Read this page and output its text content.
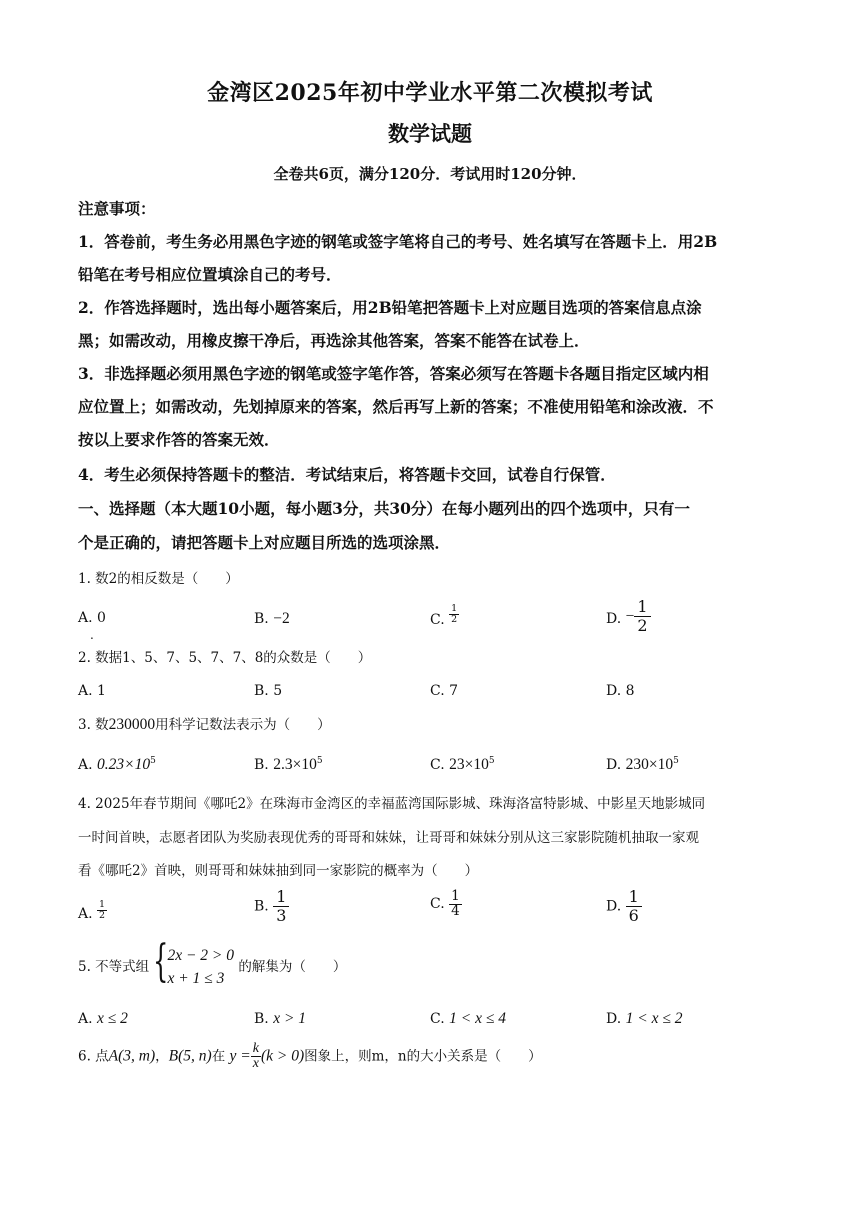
金湾区2025年初中学业水平第二次模拟考试
数学试题
全卷共6页，满分120分．考试用时120分钟．
注意事项：
1．答卷前，考生务必用黑色字迹的钢笔或签字笔将自己的考号、姓名填写在答题卡上．用2B
铅笔在考号相应位置填涂自己的考号．
2．作答选择题时，选出每小题答案后，用2B铅笔把答题卡上对应题目选项的答案信息点涂
黑；如需改动，用橡皮擦干净后，再选涂其他答案，答案不能答在试卷上．
3．非选择题必须用黑色字迹的钢笔或签字笔作答，答案必须写在答题卡各题目指定区域内相
应位置上；如需改动，先划掉原来的答案，然后再写上新的答案；不准使用铅笔和涂改液．不
按以上要求作答的答案无效．
4．考生必须保持答题卡的整洁．考试结束后，将答题卡交回，试卷自行保管．
一、选择题（本大题10小题，每小题3分，共30分）在每小题列出的四个选项中，只有一
个是正确的，请把答题卡上对应题目所选的选项涂黑．
1. 数2的相反数是（　　）
A. 0
.
B. −2	C. $\frac{1}{2}$	D. − $\frac{1}{2}$
2. 数据1、5、7、5、7、7、8的众数是（　　）
A. 1	B. 5	C. 7	D. 8
3. 数230000用科学记数法表示为（　　）
A. $0.23\times 10^5$	B. $2.3\times 10^5$	C. $23\times 10^5$	D. $230\times 10^5$
4. 2025年春节期间《哪吒2》在珠海市金湾区的幸福蓝湾国际影城、珠海洛富特影城、中影星天地影城同
一时间首映，志愿者团队为奖励表现优秀的哥哥和妹妹，让哥哥和妹妹分别从这三家影院随机抽取一家观
看《哪吒2》首映，则哥哥和妹妹抽到同一家影院的概率为（　　）
A. $\frac{1}{2}$	B. $\frac{1}{3}$	C. $\frac{1}{4}$	D. $\frac{1}{6}$
5. 不等式组 {
2x − 2 > 0
x + 1 ≤ 3
的解集为（　　）
A. x ≤ 2	B. x > 1	C. 1 < x ≤ 4	D. 1 < x ≤ 2
6. 点A(3, m)，B(5, n)在 $y = \frac{k}{x} (k > 0)$图象上，则m，n的大小关系是（　　）
